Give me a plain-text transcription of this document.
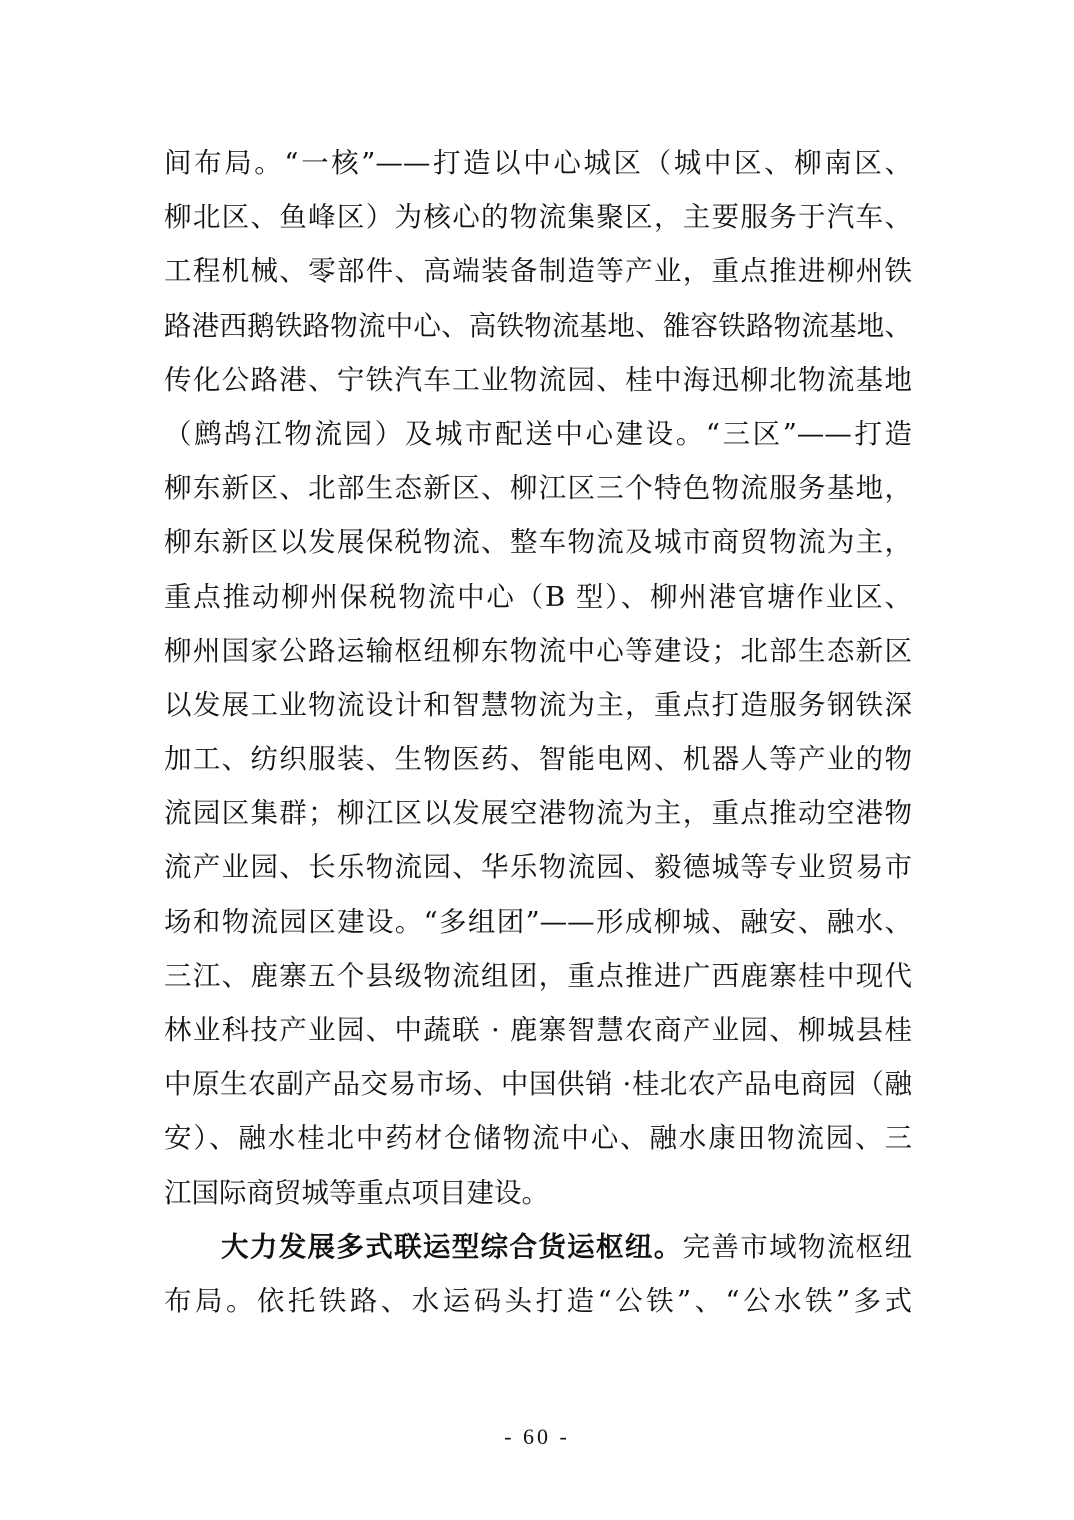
间布局。“一核”——打造以中心城区（城中区、柳南区、
柳北区、鱼峰区）为核心的物流集聚区，主要服务于汽车、
工程机械、零部件、高端装备制造等产业，重点推进柳州铁
路港西鹅铁路物流中心、高铁物流基地、雒容铁路物流基地、
传化公路港、宁铁汽车工业物流园、桂中海迅柳北物流基地
（鹧鸪江物流园）及城市配送中心建设。“三区”——打造
柳东新区、北部生态新区、柳江区三个特色物流服务基地，
柳东新区以发展保税物流、整车物流及城市商贸物流为主，
重点推动柳州保税物流中心（B 型）、柳州港官塘作业区、
柳州国家公路运输枢纽柳东物流中心等建设；北部生态新区
以发展工业物流设计和智慧物流为主，重点打造服务钢铁深
加工、纺织服装、生物医药、智能电网、机器人等产业的物
流园区集群；柳江区以发展空港物流为主，重点推动空港物
流产业园、长乐物流园、华乐物流园、毅德城等专业贸易市
场和物流园区建设。“多组团”——形成柳城、融安、融水、
三江、鹿寨五个县级物流组团，重点推进广西鹿寨桂中现代
林业科技产业园、中蔬联 · 鹿寨智慧农商产业园、柳城县桂
中原生农副产品交易市场、中国供销 ·桂北农产品电商园（融
安）、融水桂北中药材仓储物流中心、融水康田物流园、三
江国际商贸城等重点项目建设。
大力发展多式联运型综合货运枢纽。完善市域物流枢纽
布局。依托铁路、水运码头打造“公铁”、“公水铁”多式
- 60 -
